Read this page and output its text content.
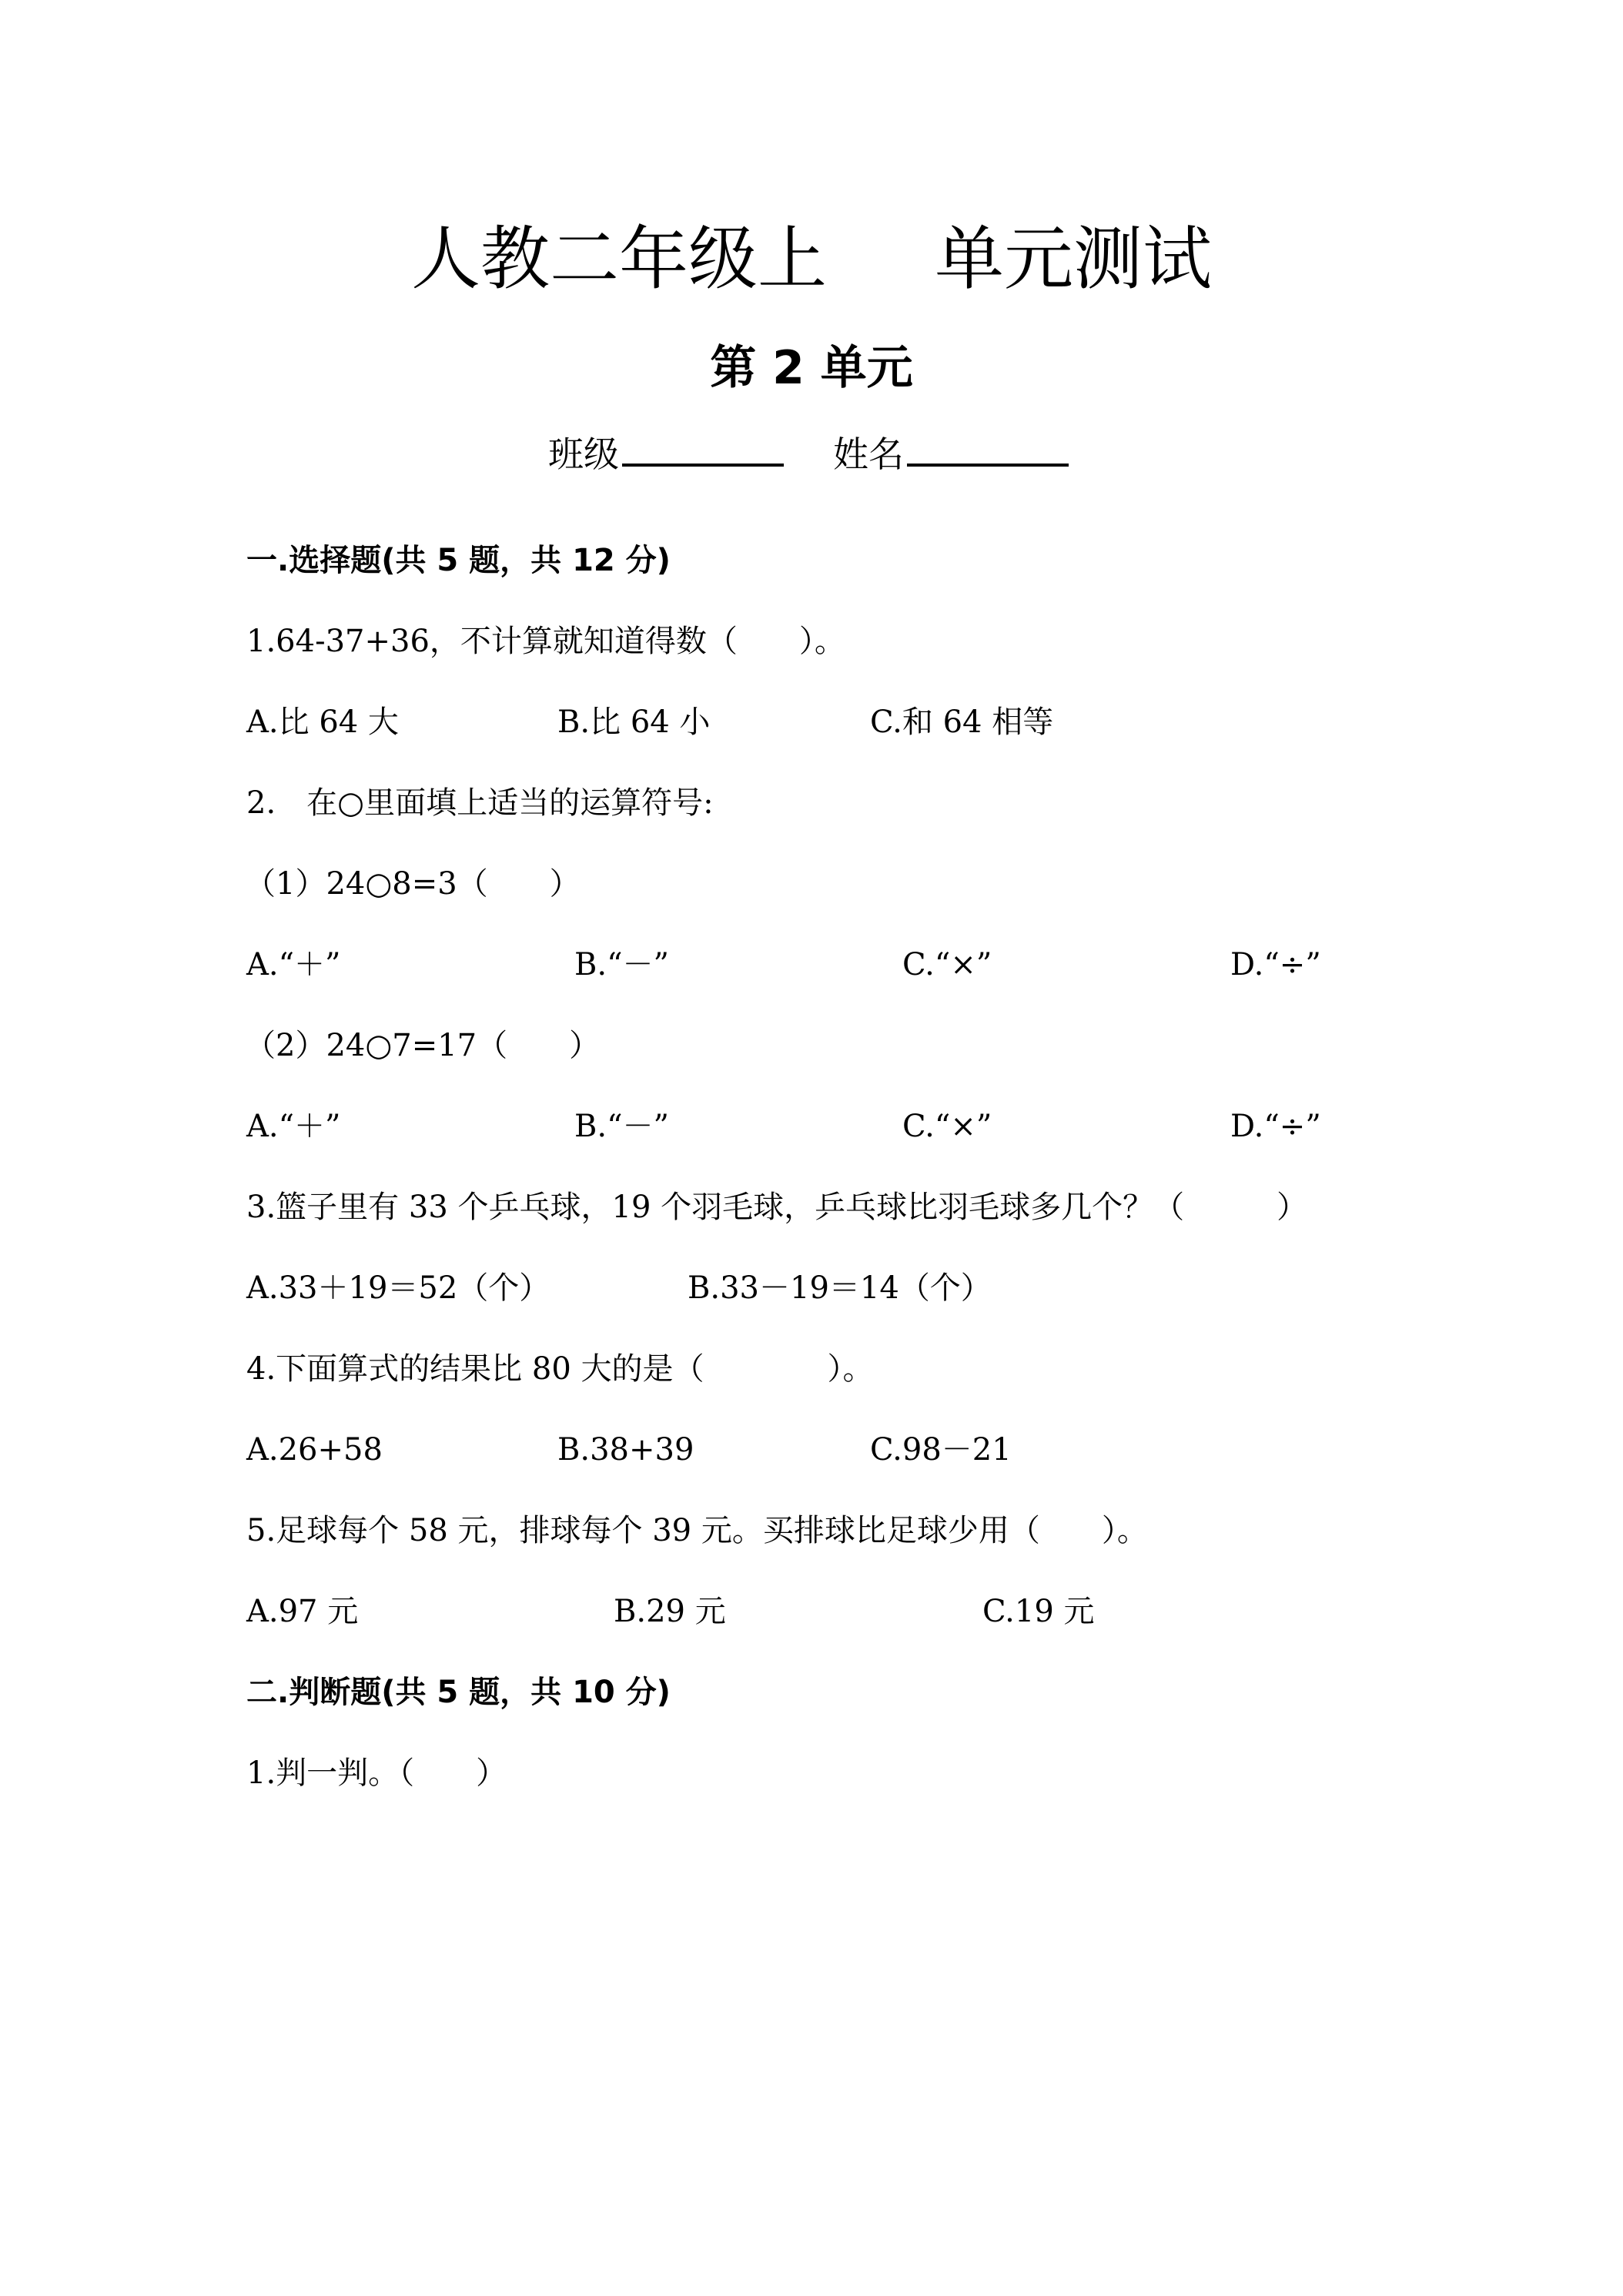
人教二年级上 单元测试
第 2 单元
班级	姓名
一.选择题(共 5 题，共 12 分)
1.64-37+36，不计算就知道得数（　　）。
A.比 64 大	B.比 64 小	C.和 64 相等
2.　在○里面填上适当的运算符号:
（1）24○8=3（　　）
A.“＋”	B.“－”	C.“×”	D.“÷”
（2）24○7=17（　　）
A.“＋”	B.“－”	C.“×”	D.“÷”
3.篮子里有 33 个乒乓球，19 个羽毛球，乒乓球比羽毛球多几个？（　　　）
A.33＋19＝52（个）	B.33－19＝14（个）
4.下面算式的结果比 80 大的是（　　　　）。
A.26+58	B.38+39	C.98－21
5.足球每个 58 元，排球每个 39 元。买排球比足球少用（　　）。
A.97 元	B.29 元	C.19 元
二.判断题(共 5 题，共 10 分)
1.判一判。（　　）
